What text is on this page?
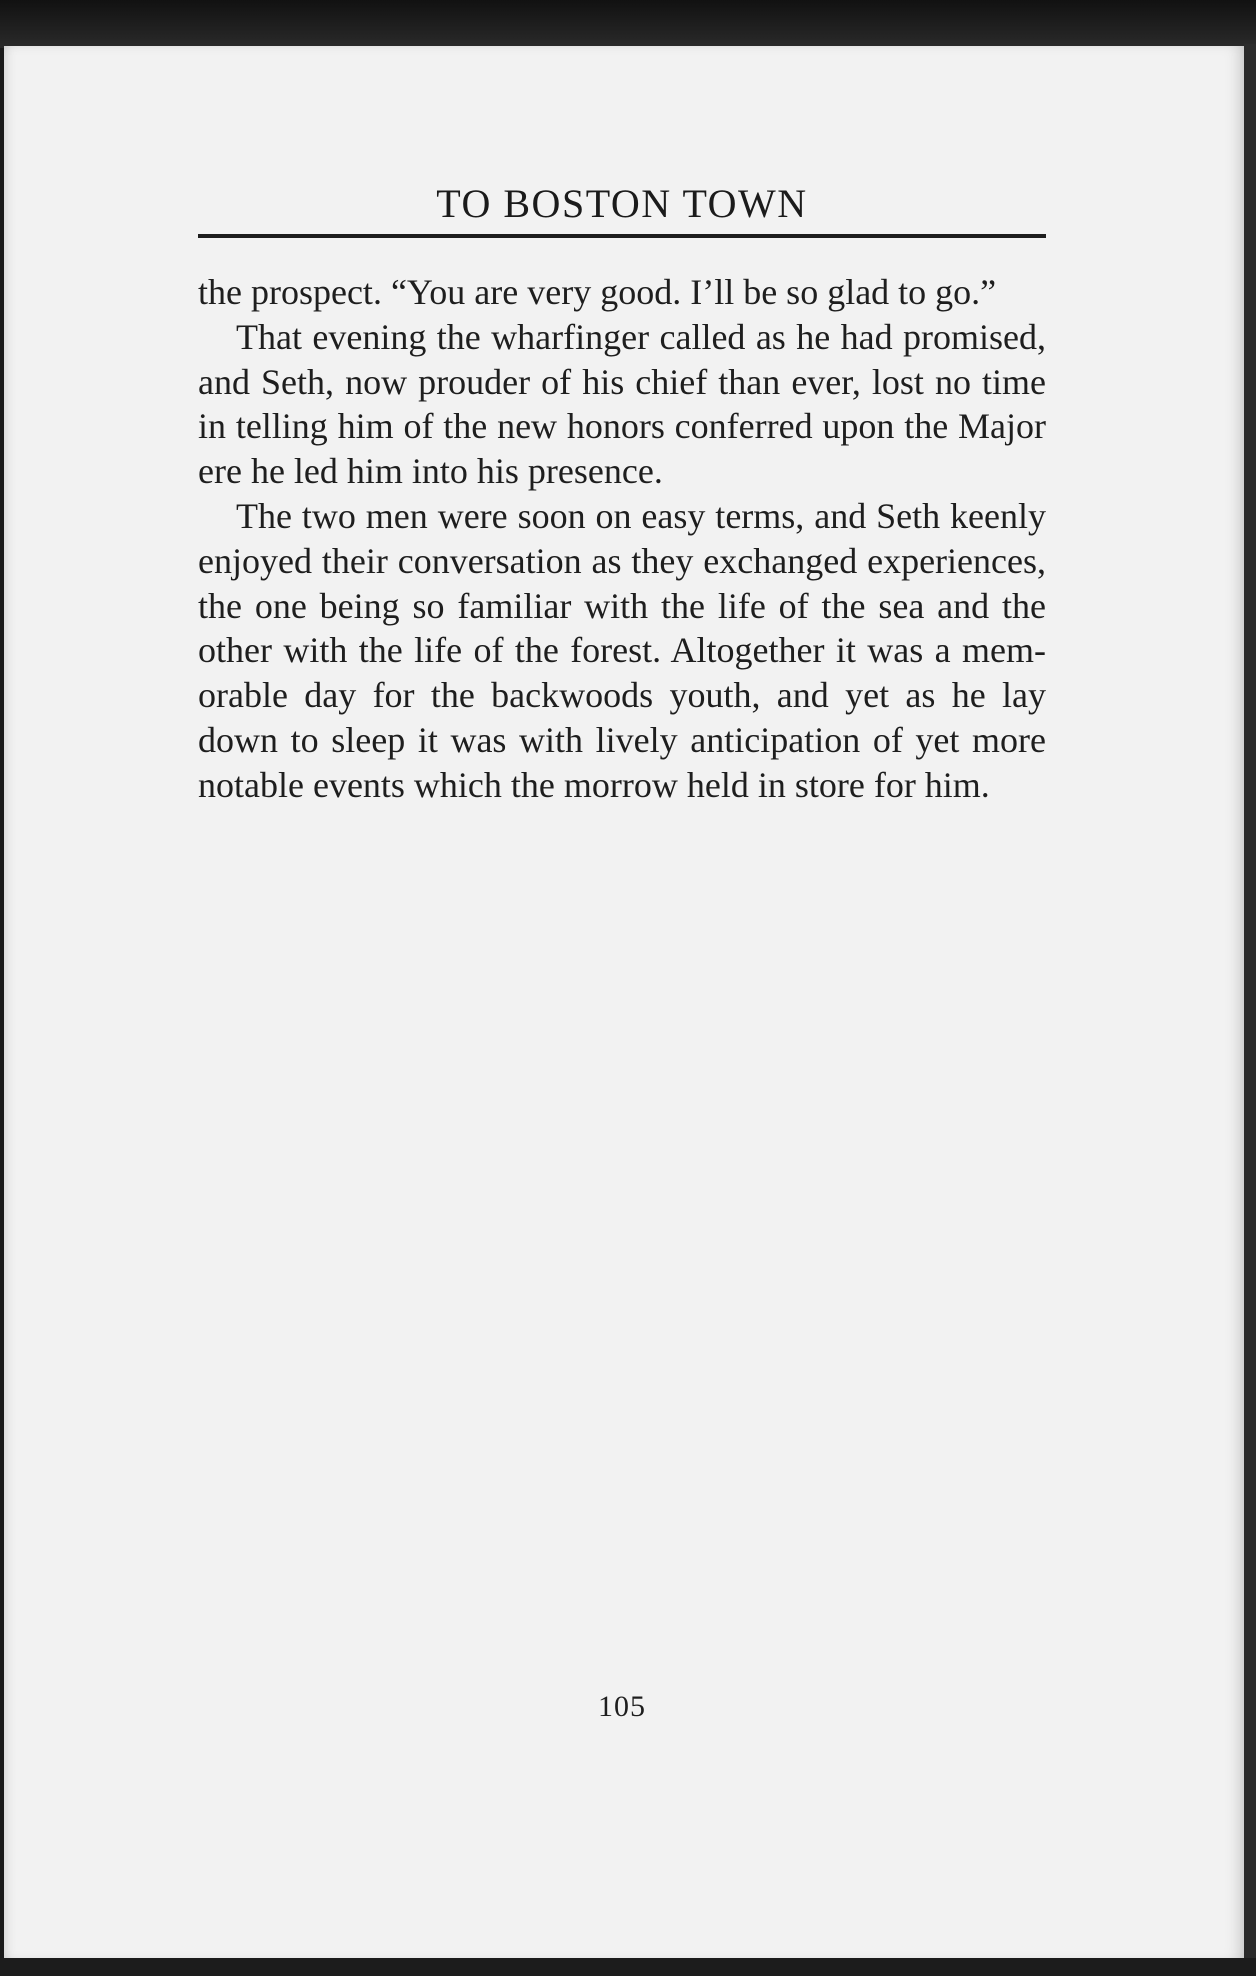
TO BOSTON TOWN

the prospect. “You are very good. I’ll be so glad to go.”

That evening the wharfinger called as he had promised, and Seth, now prouder of his chief than ever, lost no time in telling him of the new honors conferred upon the Major ere he led him into his presence.

The two men were soon on easy terms, and Seth keenly enjoyed their conversation as they exchanged experiences, the one being so familiar with the life of the sea and the other with the life of the forest. Altogether it was a memorable day for the backwoods youth, and yet as he lay down to sleep it was with lively anticipation of yet more notable events which the morrow held in store for him.

105
